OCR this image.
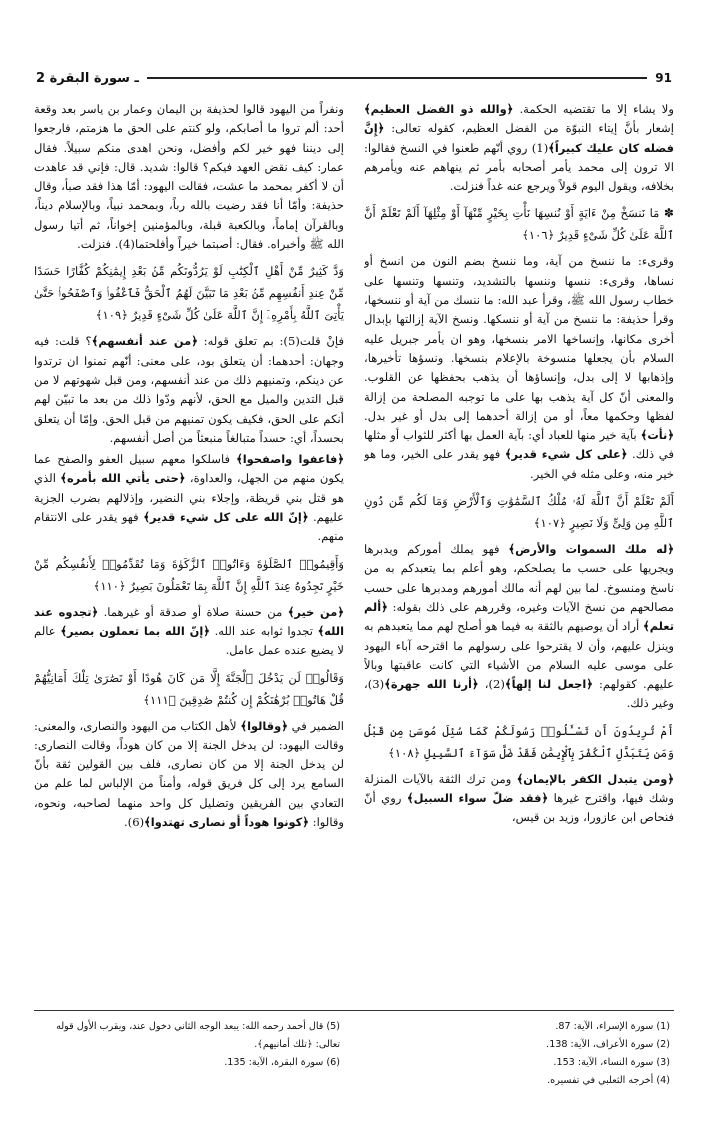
2 ـ سورة البقرة	91

ولا يشاء إلا ما تقتضيه الحكمة. ﴿والله ذو الفضل العظيم﴾ إشعار بأنَّ إيتاء النبوّة من الفضل العظيم، كقوله تعالى: ﴿إِنَّ فضله كان عليك كبيراً﴾(1) روي أنّهم طعنوا في النسخ فقالوا: الا ترون إلى محمد يأمر أصحابه بأمر ثم ينهاهم عنه ويأمرهم بخلافه، ويقول اليوم قولاً ويرجع عنه غداً فنزلت.

✽ مَا نَنسَخْ مِنْ ءَايَةٍ أَوْ نُنسِهَا نَأْتِ بِخَيْرٍ مِّنْهَآ أَوْ مِثْلِهَآ أَلَمْ تَعْلَمْ أَنَّ ٱللَّهَ عَلَىٰ كُلِّ شَىْءٍ قَدِيرٌ ﴿١٠٦﴾

وقرىء: ما ننسخ من آية، وما ننسخ بضم النون من انسخ أو نساها، وقرىء: ننسها وننسها بالتشديد، وتنسها وتنسها على خطاب رسول الله ﷺ، وقرأ عبد الله: ما ننسك من آية أو ننسخها، وقرأ حذيفة: ما ننسخ من آية أو ننسكها. ونسخ الآية إزالتها بإبدال أخرى مكانها، وإنساخها الامر بنسخها، وهو ان يأمر جبريل عليه السلام بأن يجعلها منسوخة بالإعلام بنسخها. ونسؤها تأخيرها، وإذهابها لا إلى بدل، وإنساؤها أن يذهب بحفظها عن القلوب. والمعنى أنّ كل آية يذهب بها على ما توجبه المصلحة من إزالة لفظها وحكمها معاً، أو من إزالة أحدهما إلى بدل أو غير بدل. ﴿نأت﴾ بآية خير منها للعباد أي: بآية العمل بها أكثر للثواب أو مثلها في ذلك. ﴿على كل شيء قدير﴾ فهو يقدر على الخير، وما هو خير منه، وعلى مثله في الخير.

أَلَمْ تَعْلَمْ أَنَّ ٱللَّهَ لَهُۥ مُلْكُ ٱلسَّمَٰوَٰتِ وَٱلْأَرْضِ وَمَا لَكُم مِّن دُونِ ٱللَّهِ مِن وَلِىٍّ وَلَا نَصِيرٍ ﴿١٠٧﴾

﴿له ملك السموات والأرض﴾ فهو يملك أموركم ويدبرها ويجريها على حسب ما يصلحكم، وهو أعلم بما يتعبدكم به من ناسخ ومنسوخ. لما بين لهم أنه مالك أمورهم ومدبرها على حسب مصالحهم من نسخ الآيات وغيره، وقررهم على ذلك بقوله: ﴿ألم تعلم﴾ أراد أن يوصيهم بالثقة به فيما هو أصلح لهم مما يتعبدهم به وينزل عليهم، وأن لا يقترحوا على رسولهم ما اقترحه آباء اليهود على موسى عليه السلام من الأشياء التي كانت عاقبتها وبالاً عليهم. كقولهم: ﴿اجعل لنا إلهاً﴾(2)، ﴿أرنا الله جهرة﴾(3)، وغير ذلك.

أَمْ تُرِيدُونَ أَن تَسْـَٔلُوا۟ رَسُولَكُمْ كَمَا سُئِلَ مُوسَىٰ مِن قَبْلُ وَمَن يَتَبَدَّلِ ٱلْكُفْرَ بِٱلْإِيمَٰنِ فَقَدْ ضَلَّ سَوَآءَ ٱلسَّبِيلِ ﴿١٠٨﴾

﴿ومن يتبدل الكفر بالإيمان﴾ ومن ترك الثقة بالآيات المنزلة وشك فيها، واقترح غيرها ﴿فقد ضلّ سواء السبيل﴾ روي أنّ فنحاص ابن عازورا، وزيد بن قيس،

ونفراً من اليهود قالوا لحذيفة بن اليمان وعمار بن ياسر بعد وقعة أحد: ألم تروا ما أصابكم، ولو كنتم على الحق ما هزمتم، فارجعوا إلى ديننا فهو خير لكم وأفضل، ونحن اهدى منكم سبيلاً. فقال عمار: كيف نقض العهد فيكم؟ قالوا: شديد. قال: فإني قد عاهدت أن لا أكفر بمحمد ما عشت، فقالت اليهود: أمّا هذا فقد صبأ، وقال حذيفة: وأمّا أنا فقد رضيت بالله رباً، وبمحمد نبياً، وبالإسلام ديناً، وبالقرآن إماماً، وبالكعبة قبلة، وبالمؤمنين إخواناً، ثم أتيا رسول الله ﷺ وأخبراه. فقال: أصبتما خيراً وأفلحتما(4). فنزلت.

وَدَّ كَثِيرٌ مِّنْ أَهْلِ ٱلْكِتَٰبِ لَوْ يَرُدُّونَكُم مِّنۢ بَعْدِ إِيمَٰنِكُمْ كُفَّارًا حَسَدًا مِّنْ عِندِ أَنفُسِهِم مِّنۢ بَعْدِ مَا تَبَيَّنَ لَهُمُ ٱلْحَقُّ فَٱعْفُوا۟ وَٱصْفَحُوا۟ حَتَّىٰ يَأْتِىَ ٱللَّهُ بِأَمْرِهِۦٓ إِنَّ ٱللَّهَ عَلَىٰ كُلِّ شَىْءٍ قَدِيرٌ ﴿١٠٩﴾

فإنْ قلت(5): بم تعلق قوله: ﴿من عند أنفسهم﴾؟ قلت: فيه وجهان: أحدهما: أن يتعلق بود، على معنى: أنّهم تمنوا ان ترتدوا عن دينكم، وتمنيهم ذلك من عند أنفسهم، ومن قبل شهوتهم لا من قبل التدين والميل مع الحق، لأنهم ودّوا ذلك من بعد ما تبيّن لهم أنكم على الحق، فكيف يكون تمنيهم من قبل الحق. وإمّا أن يتعلق بحسداً، أي: حسداً متبالغاً منبعثاً من أصل أنفسهم.

﴿فاعفوا واصفحوا﴾ فاسلكوا معهم سبيل العفو والصفح عما يكون منهم من الجهل، والعداوة، ﴿حتى يأتي الله بأمره﴾ الذي هو قتل بني قريظة، وإجلاء بني النضير، وإذلالهم بضرب الجزية عليهم. ﴿إنّ الله على كل شيء قدير﴾ فهو يقدر على الانتقام منهم.

وَأَقِيمُوا۟ ٱلصَّلَوٰةَ وَءَاتُوا۟ ٱلزَّكَوٰةَ وَمَا تُقَدِّمُوا۟ لِأَنفُسِكُم مِّنْ خَيْرٍ تَجِدُوهُ عِندَ ٱللَّهِ إِنَّ ٱللَّهَ بِمَا تَعْمَلُونَ بَصِيرٌ ﴿١١٠﴾

﴿من خير﴾ من حسنة صلاة أو صدقة أو غيرهما. ﴿تجدوه عند الله﴾ تجدوا ثوابه عند الله. ﴿إنّ الله بما تعملون بصير﴾ عالم لا يضيع عنده عمل عامل.

وَقَالُوا۟ لَن يَدْخُلَ ٱلْجَنَّةَ إِلَّا مَن كَانَ هُودًا أَوْ نَصَٰرَىٰ تِلْكَ أَمَانِيُّهُمْ قُلْ هَاتُوا۟ بُرْهَٰنَكُمْ إِن كُنتُمْ صَٰدِقِينَ ﴿١١١﴾

الضمير في ﴿وقالوا﴾ لأهل الكتاب من اليهود والنصارى، والمعنى: وقالت اليهود: لن يدخل الجنة إلا من كان هوداً، وقالت النصارى: لن يدخل الجنة إلا من كان نصارى، فلف بين القولين ثقة بأنّ السامع يرد إلى كل فريق قوله، وأمناً من الإلباس لما علم من التعادي بين الفريقين وتضليل كل واحد منهما لصاحبه، ونحوه، وقالوا: ﴿كونوا هوداً أو نصارى تهتدوا﴾(6).

(1) سورة الإسراء، الآية: 87.
(2) سورة الأعراف، الآية: 138.
(3) سورة النساء، الآية: 153.
(4) أخرجه الثعلبي في تفسيره.
(5) قال أحمد رحمه الله: يبعد الوجه الثاني دخول عند، ويقرب الأول قوله تعالى: ﴿تلك أمانيهم﴾.
(6) سورة البقرة، الآية: 135.
